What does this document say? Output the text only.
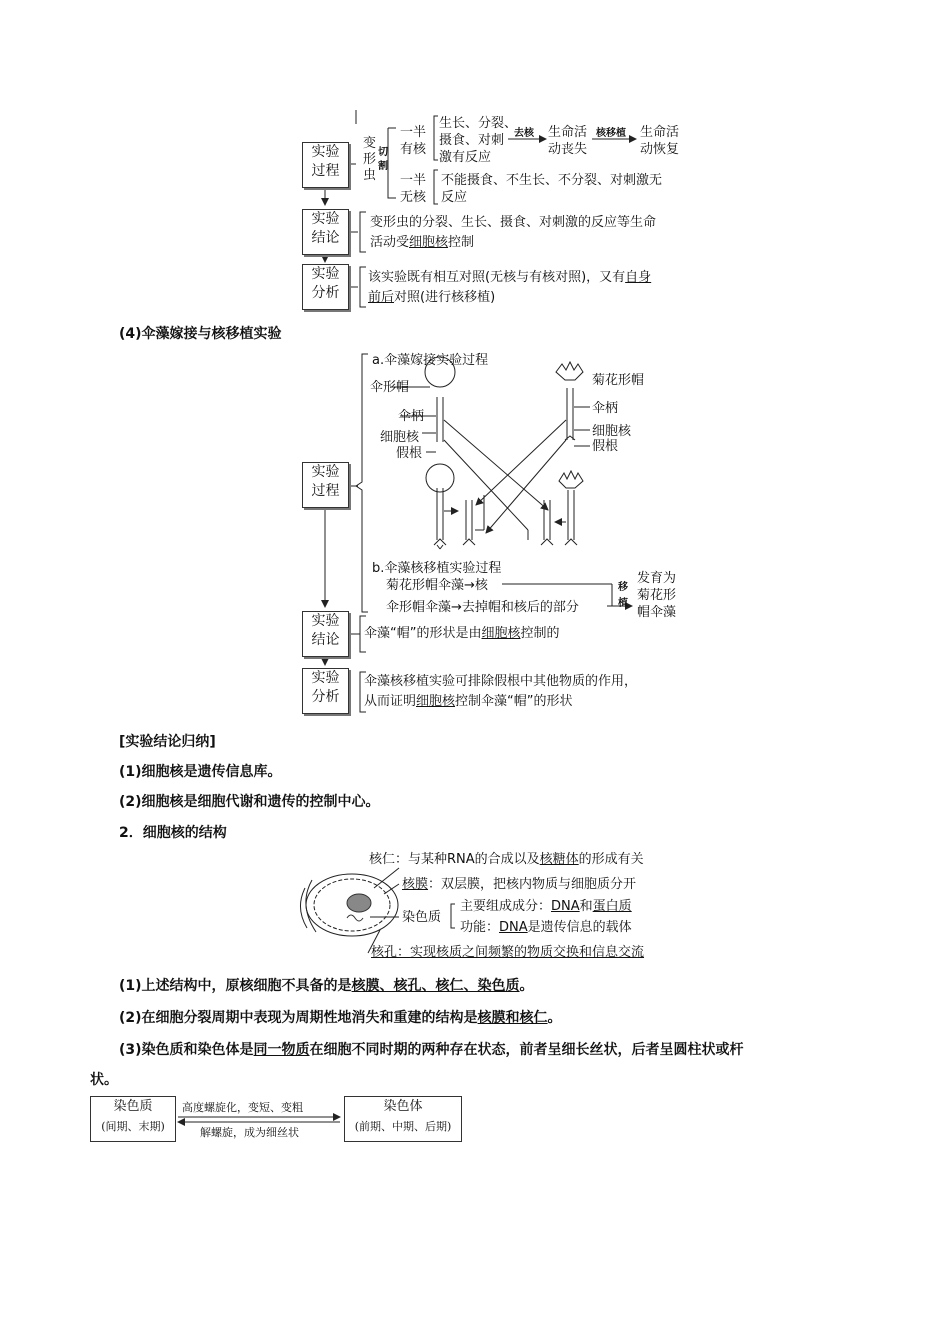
实验
过程
变
形
虫
切
割
一半
有核
生长、分裂、
摄食、对刺
激有反应
去核 生命活
动丧失
核移植 生命活
动恢复
一半
无核
不能摄食、不生长、不分裂、对刺激无
反应
实验
结论
变形虫的分裂、生长、摄食、对刺激的反应等生命
活动受细胞核控制
实验
分析
该实验既有相互对照(无核与有核对照)，又有自身
前后对照(进行核移植)
(4)伞藻嫁接与核移植实验
实验
过程
a.伞藻嫁接实验过程
伞形帽
伞柄
细胞核
假根
菊花形帽
伞柄
细胞核
假根
b.伞藻核移植实验过程
菊花形帽伞藻→核
伞形帽伞藻→去掉帽和核后的部分
移
植
发育为
菊花形
帽伞藻
实验
结论	伞藻“帽”的形状是由细胞核控制的
实验
分析
伞藻核移植实验可排除假根中其他物质的作用，
从而证明细胞核控制伞藻“帽”的形状
[实验结论归纳]
(1)细胞核是遗传信息库。
(2)细胞核是细胞代谢和遗传的控制中心。
2．细胞核的结构
核仁：与某种RNA的合成以及核糖体的形成有关
核膜：双层膜，把核内物质与细胞质分开
染色质
主要组成成分：DNA和蛋白质
功能：DNA是遗传信息的载体
核孔：实现核质之间频繁的物质交换和信息交流
(1)上述结构中，原核细胞不具备的是核膜、核孔、核仁、染色质。
(2)在细胞分裂周期中表现为周期性地消失和重建的结构是核膜和核仁。
(3)染色质和染色体是同一物质在细胞不同时期的两种存在状态，前者呈细长丝状，后者呈圆柱状或杆
状。
染色质
(间期、末期)
高度螺旋化，变短、变粗
解螺旋，成为细丝状
染色体
(前期、中期、后期)
